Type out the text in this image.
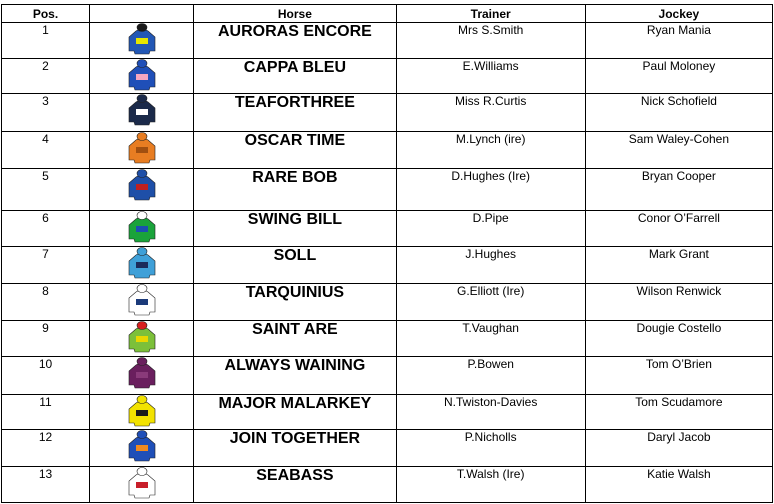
Pos.		Horse	Trainer	Jockey
1		AURORAS ENCORE	Mrs S.Smith	Ryan Mania
2		CAPPA BLEU	E.Williams	Paul Moloney
3		TEAFORTHREE	Miss R.Curtis	Nick Schofield
4		OSCAR TIME	M.Lynch (ire)	Sam Waley-Cohen
5		RARE BOB	D.Hughes (Ire)	Bryan Cooper
6		SWING BILL	D.Pipe	Conor O’Farrell
7		SOLL	J.Hughes	Mark Grant
8		TARQUINIUS	G.Elliott (Ire)	Wilson Renwick
9		SAINT ARE	T.Vaughan	Dougie Costello
10		ALWAYS WAINING	P.Bowen	Tom O’Brien
11		MAJOR MALARKEY	N.Twiston-Davies	Tom Scudamore
12		JOIN TOGETHER	P.Nicholls	Daryl Jacob
13		SEABASS	T.Walsh (Ire)	Katie Walsh
